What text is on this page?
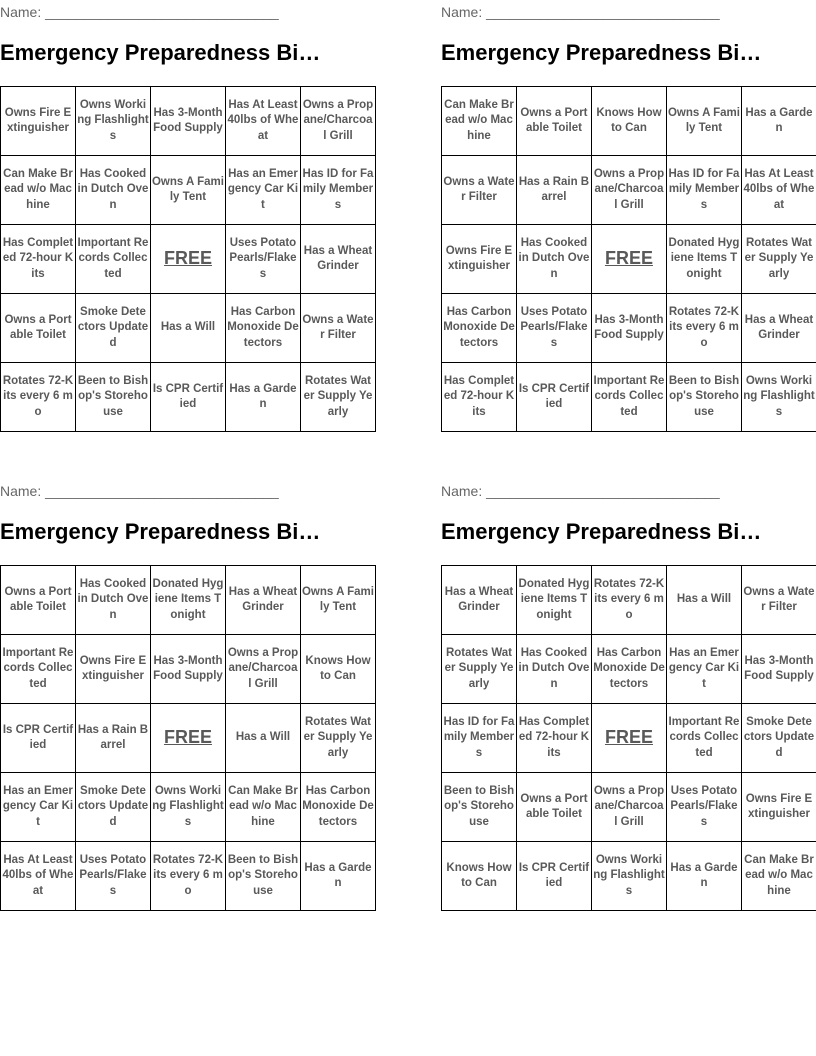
Name: ______________________________
Emergency Preparedness Bi…
Owns Fire Extinguisher	Owns Working Flashlights	Has 3-Month Food Supply	Has At Least 40lbs of Wheat	Owns a Propane/Charcoal Grill
Can Make Bread w/o Machine	Has Cooked in Dutch Oven	Owns A Family Tent	Has an Emergency Car Kit	Has ID for Family Members
Has Completed 72-hour Kits	Important Records Collected	FREE	Uses Potato Pearls/Flakes	Has a Wheat Grinder
Owns a Portable Toilet	Smoke Detectors Updated	Has a Will	Has Carbon Monoxide Detectors	Owns a Water Filter
Rotates 72-Kits every 6 mo	Been to Bishop's Storehouse	Is CPR Certified	Has a Garden	Rotates Water Supply Yearly
Name: ______________________________
Emergency Preparedness Bi…
Can Make Bread w/o Machine	Owns a Portable Toilet	Knows How to Can	Owns A Family Tent	Has a Garden
Owns a Water Filter	Has a Rain Barrel	Owns a Propane/Charcoal Grill	Has ID for Family Members	Has At Least 40lbs of Wheat
Owns Fire Extinguisher	Has Cooked in Dutch Oven	FREE	Donated Hygiene Items Tonight	Rotates Water Supply Yearly
Has Carbon Monoxide Detectors	Uses Potato Pearls/Flakes	Has 3-Month Food Supply	Rotates 72-Kits every 6 mo	Has a Wheat Grinder
Has Completed 72-hour Kits	Is CPR Certified	Important Records Collected	Been to Bishop's Storehouse	Owns Working Flashlights
Name: ______________________________
Emergency Preparedness Bi…
Owns a Portable Toilet	Has Cooked in Dutch Oven	Donated Hygiene Items Tonight	Has a Wheat Grinder	Owns A Family Tent
Important Records Collected	Owns Fire Extinguisher	Has 3-Month Food Supply	Owns a Propane/Charcoal Grill	Knows How to Can
Is CPR Certified	Has a Rain Barrel	FREE	Has a Will	Rotates Water Supply Yearly
Has an Emergency Car Kit	Smoke Detectors Updated	Owns Working Flashlights	Can Make Bread w/o Machine	Has Carbon Monoxide Detectors
Has At Least 40lbs of Wheat	Uses Potato Pearls/Flakes	Rotates 72-Kits every 6 mo	Been to Bishop's Storehouse	Has a Garden
Name: ______________________________
Emergency Preparedness Bi…
Has a Wheat Grinder	Donated Hygiene Items Tonight	Rotates 72-Kits every 6 mo	Has a Will	Owns a Water Filter
Rotates Water Supply Yearly	Has Cooked in Dutch Oven	Has Carbon Monoxide Detectors	Has an Emergency Car Kit	Has 3-Month Food Supply
Has ID for Family Members	Has Completed 72-hour Kits	FREE	Important Records Collected	Smoke Detectors Updated
Been to Bishop's Storehouse	Owns a Portable Toilet	Owns a Propane/Charcoal Grill	Uses Potato Pearls/Flakes	Owns Fire Extinguisher
Knows How to Can	Is CPR Certified	Owns Working Flashlights	Has a Garden	Can Make Bread w/o Machine
